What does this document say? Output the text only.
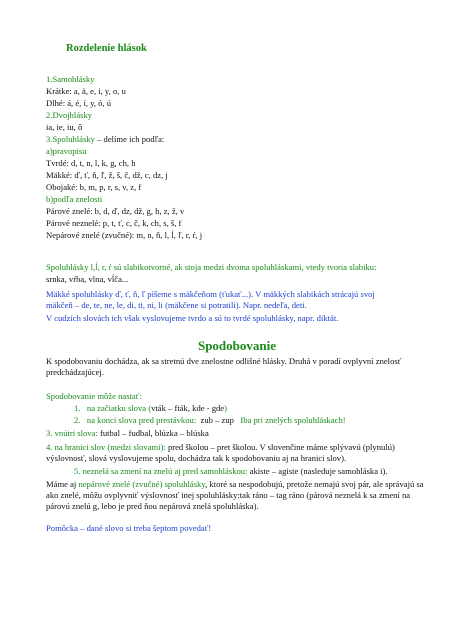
Rozdelenie hlások
1.Samohlásky
Krátke: a, ä, e, i, y, o, u
Dlhé: á, é, í, y, ó, ú
2.Dvojhlásky
ia, ie, iu, ô
3.Spoluhlásky – delíme ich podľa:
a)pravopisu
Tvrdé: d, t, n, l, k, g, ch, h
Mäkké: ď, ť, ň, ľ, ž, š, č, dž, c, dz, j
Obojaké: b, m, p, r, s, v, z, f
b)podľa znelosti
Párové znelé: b, d, ď, dz, dž, g, h, z, ž, v
Párové neznelé: p, t, ť, c, č, k, ch, s, š, f
Nepárové znelé (zvučné): m, n, ň, l, ĺ, ľ, r, ŕ, j
Spoluhlásky l,ĺ, r, ŕ sú slabikotvorné, ak stoja medzi dvoma spoluhláskami, vtedy tvoria slabiku:
srnka, vŕba, vlna, vĺča...
Mäkké spoluhlásky ď, ť, ň, ľ píšeme s mäkčeňom (ťukať...). V mäkkých slabikách strácajú svoj
mäkčeň – de, te, ne, le, di, ti, ni, li (mäkčene si potratili). Napr. nedeľa, deti.
V cudzích slovách ich však vyslovujeme tvrdo a sú to tvrdé spoluhlásky, napr. diktát.
Spodobovanie
K spodobovaniu dochádza, ak sa stretnú dve znelostne odlišné hlásky. Druhá v poradí ovplyvní znelosť predchádzajúcej.
Spodobovanie môže nastať:
1. na začiatku slova (vták – fták, kde - gde)
2. na konci slova pred prestávkou: zub – zup Iba pri znelých spoluhláskach!
3. vnútri slova: futbal – fudbal, blúzka – blúska
4. na hranici slov (medzi slovami): pred školou – pret školou. V slovenčine máme splývavú (plynulú) výslovnosť, slová vyslovujeme spolu, dochádza tak k spodobovaniu aj na hranici slov).
5. neznelá sa zmení na znelú aj pred samohláskou: akiste – agiste (nasleduje samohláska i).
Máme aj nepárové znelé (zvučné) spoluhlásky, ktoré sa nespodobujú, pretože nemajú svoj pár, ale správajú sa ako znelé, môžu ovplyvniť výslovnosť inej spoluhlásky:tak ráno – tag ráno (párová neznelá k sa zmení na párovú znelú g, lebo je pred ňou nepárová znelá spoluhláska).
Pomôcka – dané slovo si treba šeptom povedať!
